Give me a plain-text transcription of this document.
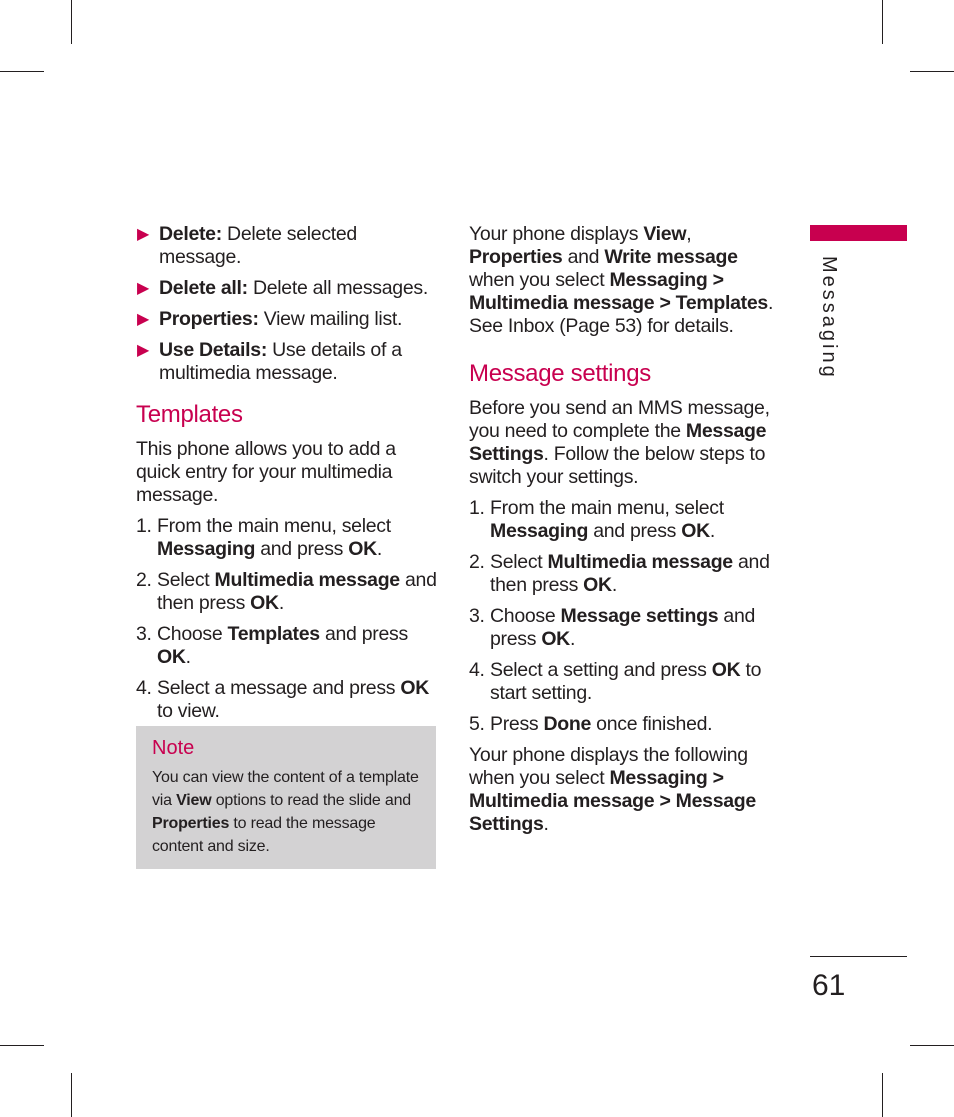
▶ Delete: Delete selected message.
▶ Delete all: Delete all messages.
▶ Properties: View mailing list.
▶ Use Details: Use details of a multimedia message.
Templates
This phone allows you to add a quick entry for your multimedia message.
1. From the main menu, select Messaging and press OK.
2. Select Multimedia message and then press OK.
3. Choose Templates and press OK.
4. Select a message and press OK to view.
Note
You can view the content of a template via View options to read the slide and Properties to read the message content and size.
Your phone displays View, Properties and Write message when you select Messaging > Multimedia message > Templates. See Inbox (Page 53) for details.
Message settings
Before you send an MMS message, you need to complete the Message Settings. Follow the below steps to switch your settings.
1. From the main menu, select Messaging and press OK.
2. Select Multimedia message and then press OK.
3. Choose Message settings and press OK.
4. Select a setting and press OK to start setting.
5. Press Done once finished.
Your phone displays the following when you select Messaging > Multimedia message > Message Settings.
Messaging
61
